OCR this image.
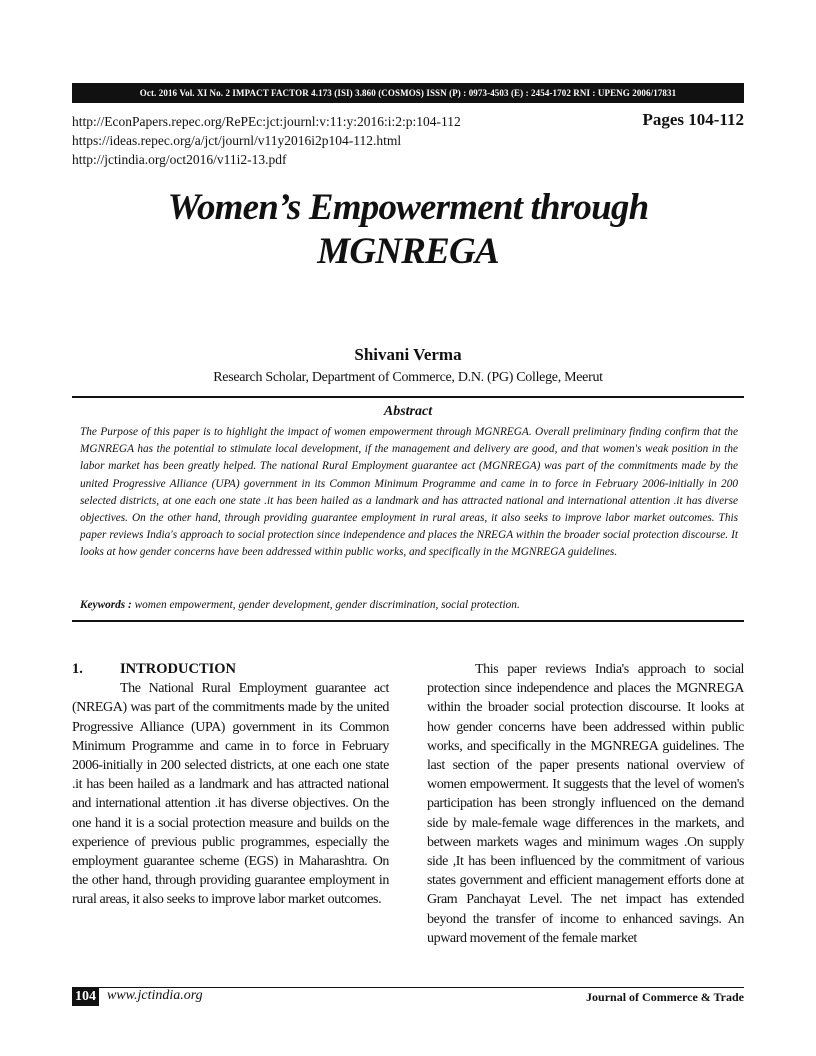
Oct. 2016 Vol. XI No. 2 IMPACT FACTOR 4.173 (ISI) 3.860 (COSMOS) ISSN (P) : 0973-4503 (E) : 2454-1702 RNI : UPENG 2006/17831
http://EconPapers.repec.org/RePEc:jct:journl:v:11:y:2016:i:2:p:104-112
https://ideas.repec.org/a/jct/journl/v11y2016i2p104-112.html
http://jctindia.org/oct2016/v11i2-13.pdf
Pages 104-112
Women’s Empowerment through
MGNREGA
Shivani Verma
Research Scholar, Department of Commerce, D.N. (PG) College, Meerut
Abstract
The Purpose of this paper is to highlight the impact of women empowerment through MGNREGA. Overall preliminary finding confirm that the MGNREGA has the potential to stimulate local development, if the management and delivery are good, and that women's weak position in the labor market has been greatly helped. The national Rural Employment guarantee act (MGNREGA) was part of the commitments made by the united Progressive Alliance (UPA) government in its Common Minimum Programme and came in to force in February 2006-initially in 200 selected districts, at one each one state .it has been hailed as a landmark and has attracted national and international attention .it has diverse objectives. On the other hand, through providing guarantee employment in rural areas, it also seeks to improve labor market outcomes. This paper reviews India's approach to social protection since independence and places the NREGA within the broader social protection discourse. It looks at how gender concerns have been addressed within public works, and specifically in the MGNREGA guidelines.
Keywords : women empowerment, gender development, gender discrimination, social protection.
1.	INTRODUCTION

The National Rural Employment guarantee act (NREGA) was part of the commitments made by the united Progressive Alliance (UPA) government in its Common Minimum Programme and came in to force in February 2006-initially in 200 selected districts, at one each one state .it has been hailed as a landmark and has attracted national and international attention .it has diverse objectives. On the one hand it is a social protection measure and builds on the experience of previous public programmes, especially the employment guarantee scheme (EGS) in Maharashtra. On the other hand, through providing guarantee employment in rural areas, it also seeks to improve labor market outcomes.

This paper reviews India's approach to social protection since independence and places the MGNREGA within the broader social protection discourse. It looks at how gender concerns have been addressed within public works, and specifically in the MGNREGA guidelines. The last section of the paper presents national overview of women empowerment. It suggests that the level of women's participation has been strongly influenced on the demand side by male-female wage differences in the markets, and between markets wages and minimum wages .On supply side ,It has been influenced by the commitment of various states government and efficient management efforts done at Gram Panchayat Level. The net impact has extended beyond the transfer of income to enhanced savings. An upward movement of the female market

104 www.jctindia.org	Journal of Commerce & Trade
